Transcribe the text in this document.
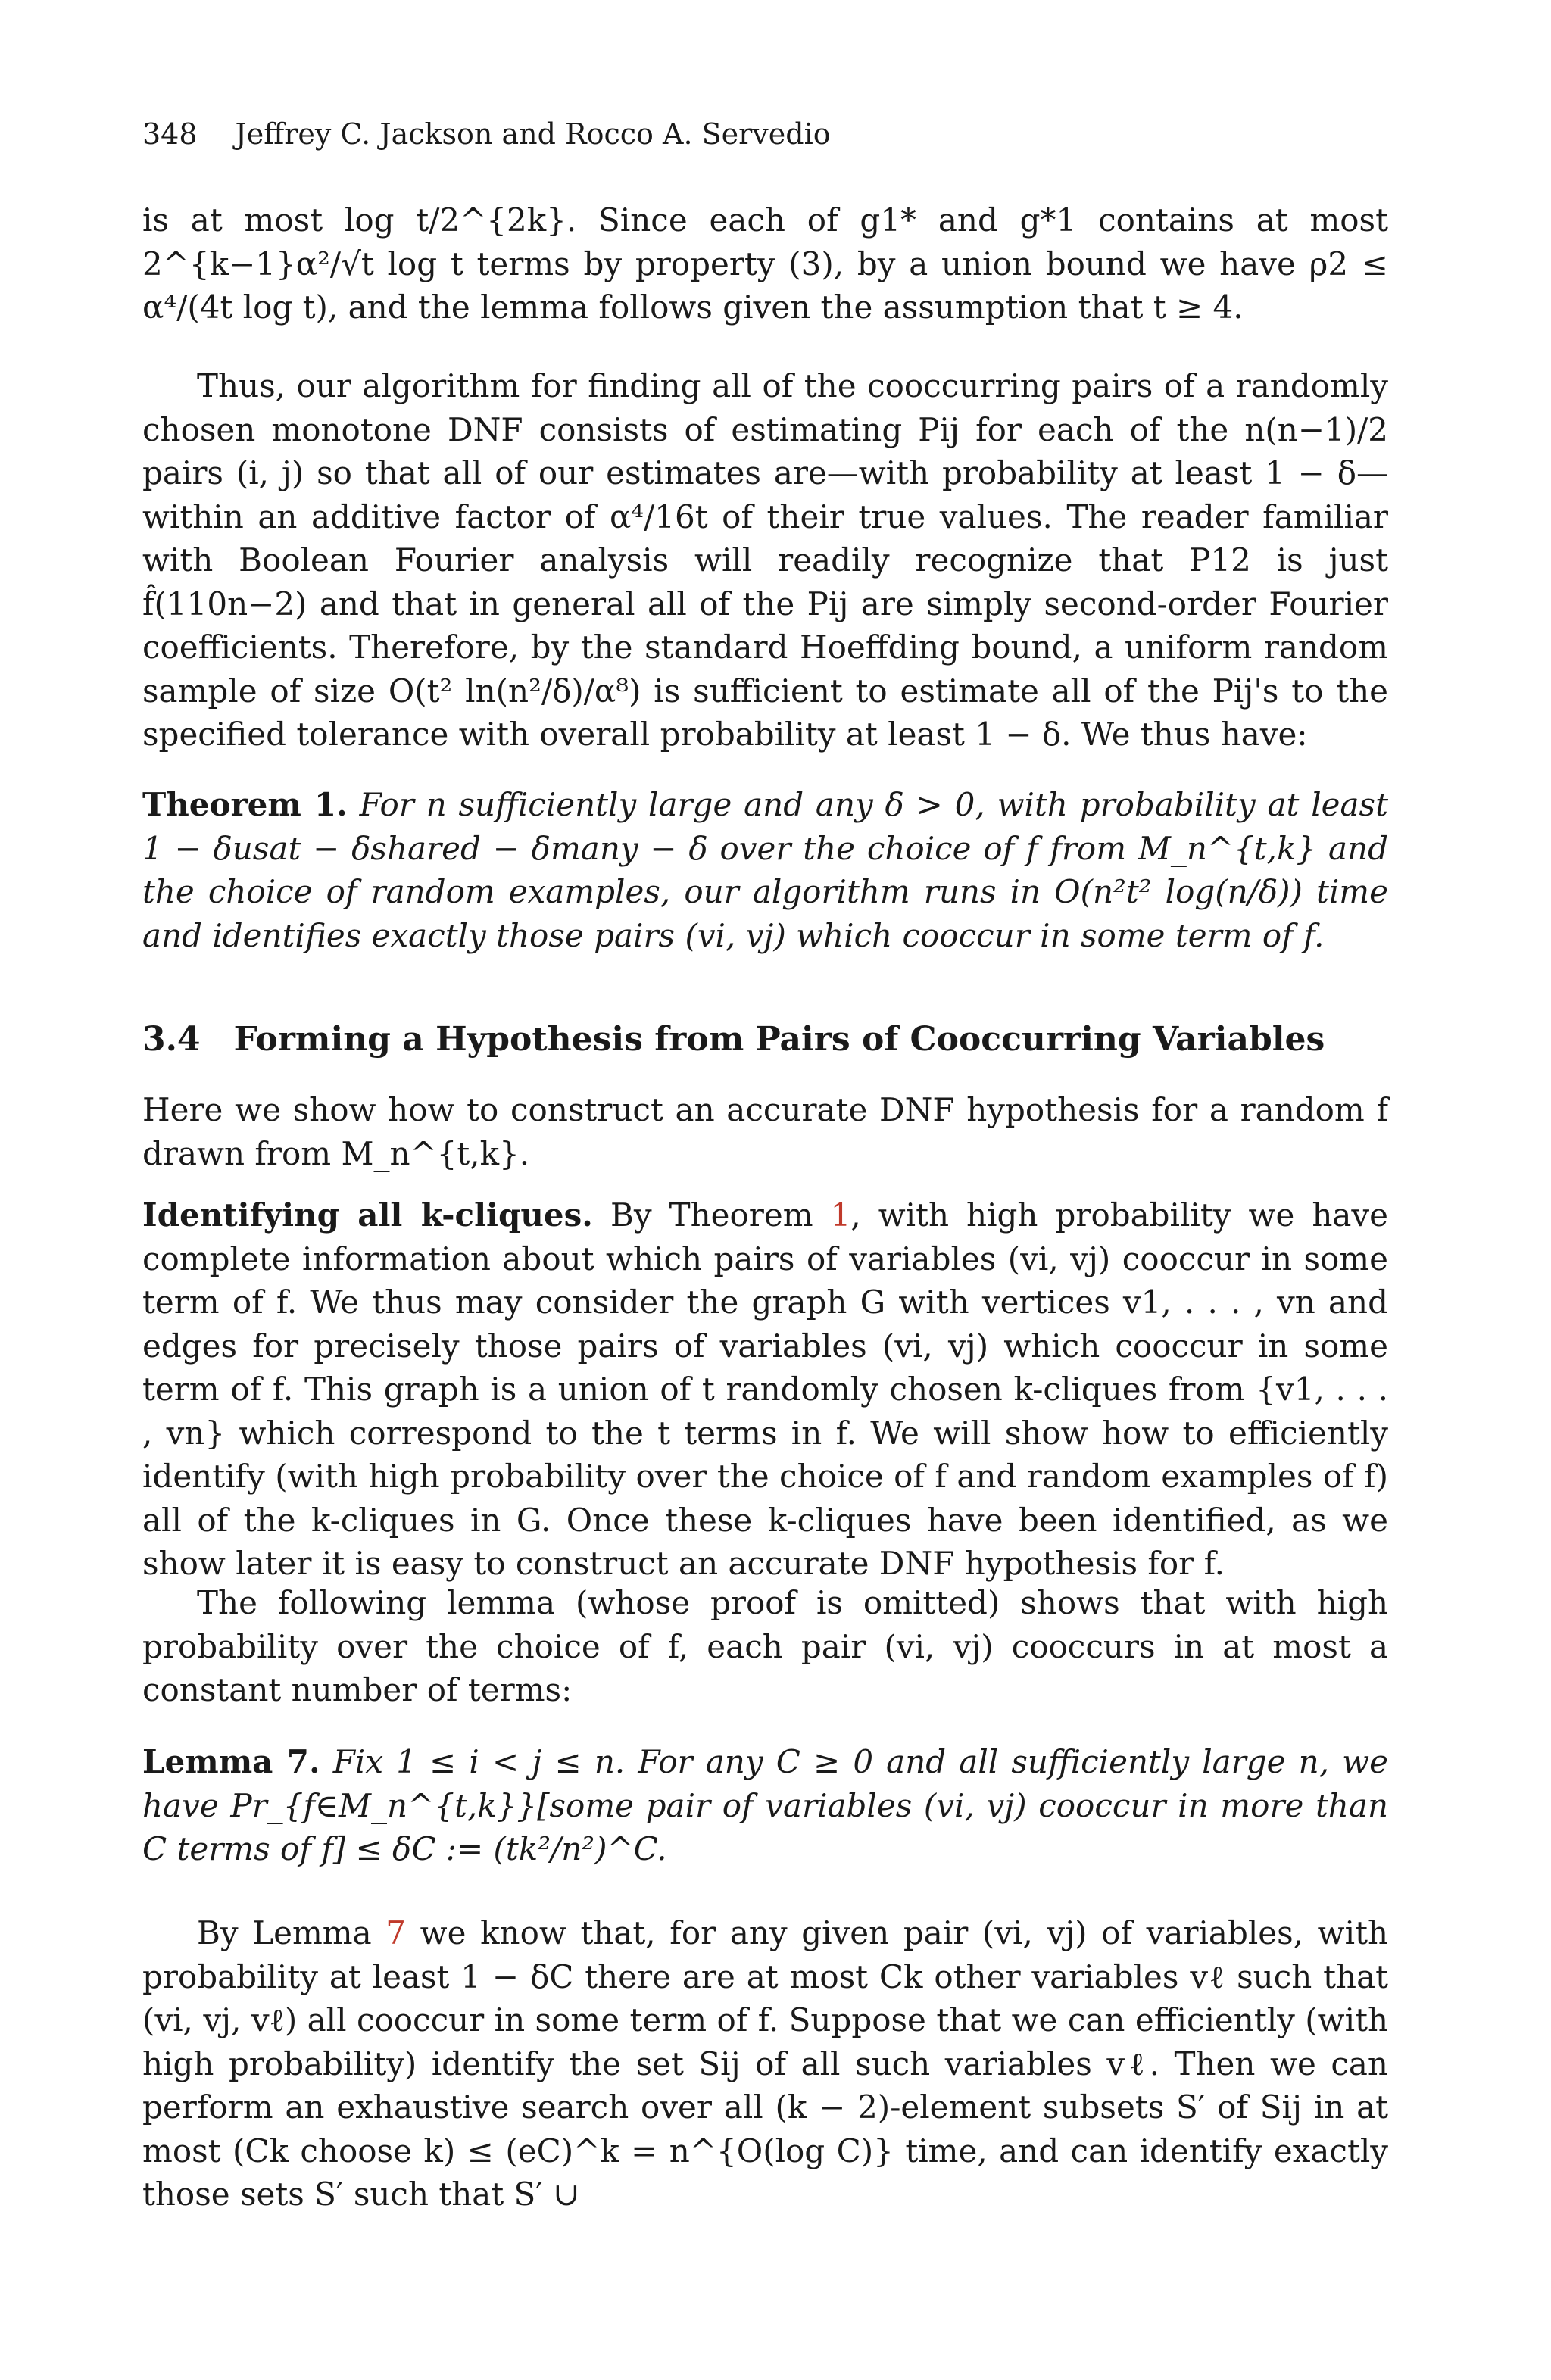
348 Jeffrey C. Jackson and Rocco A. Servedio

is at most log t/2^{2k}. Since each of g1* and g*1 contains at most 2^{k−1}α²/√t log t terms by property (3), by a union bound we have ρ2 ≤ α⁴/(4t log t), and the lemma follows given the assumption that t ≥ 4.

Thus, our algorithm for finding all of the cooccurring pairs of a randomly chosen monotone DNF consists of estimating Pij for each of the n(n−1)/2 pairs (i, j) so that all of our estimates are—with probability at least 1 − δ—within an additive factor of α⁴/16t of their true values. The reader familiar with Boolean Fourier analysis will readily recognize that P12 is just f̂(110n−2) and that in general all of the Pij are simply second-order Fourier coefficients. Therefore, by the standard Hoeffding bound, a uniform random sample of size O(t² ln(n²/δ)/α⁸) is sufficient to estimate all of the Pij's to the specified tolerance with overall probability at least 1 − δ. We thus have:

Theorem 1. For n sufficiently large and any δ > 0, with probability at least 1 − δusat − δshared − δmany − δ over the choice of f from M_n^{t,k} and the choice of random examples, our algorithm runs in O(n²t² log(n/δ)) time and identifies exactly those pairs (vi, vj) which cooccur in some term of f.

3.4 Forming a Hypothesis from Pairs of Cooccurring Variables

Here we show how to construct an accurate DNF hypothesis for a random f drawn from M_n^{t,k}.

Identifying all k-cliques. By Theorem 1, with high probability we have complete information about which pairs of variables (vi, vj) cooccur in some term of f. We thus may consider the graph G with vertices v1, . . . , vn and edges for precisely those pairs of variables (vi, vj) which cooccur in some term of f. This graph is a union of t randomly chosen k-cliques from {v1, . . . , vn} which correspond to the t terms in f. We will show how to efficiently identify (with high probability over the choice of f and random examples of f) all of the k-cliques in G. Once these k-cliques have been identified, as we show later it is easy to construct an accurate DNF hypothesis for f.

The following lemma (whose proof is omitted) shows that with high probability over the choice of f, each pair (vi, vj) cooccurs in at most a constant number of terms:

Lemma 7. Fix 1 ≤ i < j ≤ n. For any C ≥ 0 and all sufficiently large n, we have Pr_{f∈M_n^{t,k}}[some pair of variables (vi, vj) cooccur in more than C terms of f] ≤ δC := (tk²/n²)^C.

By Lemma 7 we know that, for any given pair (vi, vj) of variables, with probability at least 1 − δC there are at most Ck other variables vℓ such that (vi, vj, vℓ) all cooccur in some term of f. Suppose that we can efficiently (with high probability) identify the set Sij of all such variables vℓ. Then we can perform an exhaustive search over all (k − 2)-element subsets S′ of Sij in at most (Ck choose k) ≤ (eC)^k = n^{O(log C)} time, and can identify exactly those sets S′ such that S′ ∪
